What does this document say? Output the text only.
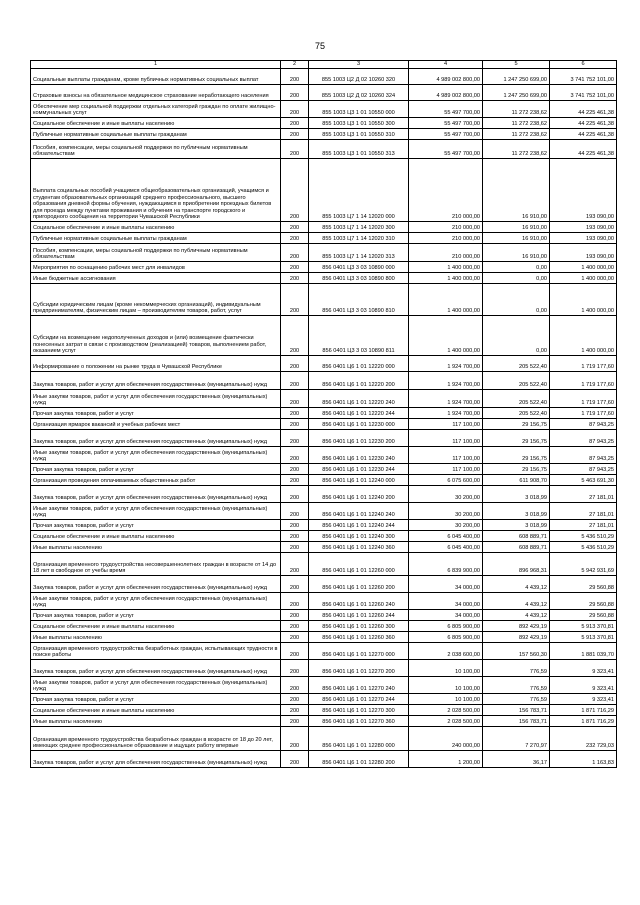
75
1	2	3	4	5	6
Социальные выплаты гражданам, кроме публичных нормативных социальных выплат	200	855 1003 Ц2 Д 02 10260 320	4 989 002 800,00	1 247 250 699,00	3 741 752 101,00
Страховые взносы на обязательное медицинское страхование неработающего населения	200	855 1003 Ц2 Д 02 10260 324	4 989 002 800,00	1 247 250 699,00	3 741 752 101,00
Обеспечение мер социальной поддержки отдельных категорий граждан по оплате жилищно-коммунальных услуг	200	855 1003 Ц3 1 01 10550 000	55 497 700,00	11 272 238,62	44 225 461,38
Социальное обеспечение и иные выплаты населению	200	855 1003 Ц3 1 01 10550 300	55 497 700,00	11 272 238,62	44 225 461,38
Публичные нормативные социальные выплаты гражданам	200	855 1003 Ц3 1 01 10550 310	55 497 700,00	11 272 238,62	44 225 461,38
Пособия, компенсации, меры социальной поддержки по публичным нормативным обязательствам	200	855 1003 Ц3 1 01 10550 313	55 497 700,00	11 272 238,62	44 225 461,38
Выплата социальных пособий учащимся общеобразовательных организаций, учащимся и студентам образовательных организаций среднего профессионального, высшего образования дневной формы обучения, нуждающимся в приобретении проездных билетов для проезда между пунктами проживания и обучения на транспорте городского и пригородного сообщения на территории Чувашской Республики	200	855 1003 Ц7 1 14 12020 000	210 000,00	16 910,00	193 090,00
Социальное обеспечение и иные выплаты населению	200	855 1003 Ц7 1 14 12020 300	210 000,00	16 910,00	193 090,00
Публичные нормативные социальные выплаты гражданам	200	855 1003 Ц7 1 14 12020 310	210 000,00	16 910,00	193 090,00
Пособия, компенсации, меры социальной поддержки по публичным нормативным обязательствам	200	855 1003 Ц7 1 14 12020 313	210 000,00	16 910,00	193 090,00
Мероприятия по оснащению рабочих мест для инвалидов	200	856 0401 Ц3 3 03 10890 000	1 400 000,00	0,00	1 400 000,00
Иные бюджетные ассигнования	200	856 0401 Ц3 3 03 10890 800	1 400 000,00	0,00	1 400 000,00
Субсидии юридическим лицам (кроме некоммерческих организаций), индивидуальным предпринимателям, физическим лицам – производителям товаров, работ, услуг	200	856 0401 Ц3 3 03 10890 810	1 400 000,00	0,00	1 400 000,00
Субсидии на возмещение недополученных доходов и (или) возмещение фактически понесенных затрат в связи с производством (реализацией) товаров, выполнением работ, оказанием услуг	200	856 0401 Ц3 3 03 10890 811	1 400 000,00	0,00	1 400 000,00
Информирование о положении на рынке труда в Чувашской Республике	200	856 0401 Ц6 1 01 12220 000	1 924 700,00	205 522,40	1 719 177,60
Закупка товаров, работ и услуг для обеспечения государственных (муниципальных) нужд	200	856 0401 Ц6 1 01 12220 200	1 924 700,00	205 522,40	1 719 177,60
Иные закупки товаров, работ и услуг для обеспечения государственных (муниципальных) нужд	200	856 0401 Ц6 1 01 12220 240	1 924 700,00	205 522,40	1 719 177,60
Прочая закупка товаров, работ и услуг	200	856 0401 Ц6 1 01 12220 244	1 924 700,00	205 522,40	1 719 177,60
Организация ярмарок вакансий и учебных рабочих мест	200	856 0401 Ц6 1 01 12230 000	117 100,00	29 156,75	87 943,25
Закупка товаров, работ и услуг для обеспечения государственных (муниципальных) нужд	200	856 0401 Ц6 1 01 12230 200	117 100,00	29 156,75	87 943,25
Иные закупки товаров, работ и услуг для обеспечения государственных (муниципальных) нужд	200	856 0401 Ц6 1 01 12230 240	117 100,00	29 156,75	87 943,25
Прочая закупка товаров, работ и услуг	200	856 0401 Ц6 1 01 12230 244	117 100,00	29 156,75	87 943,25
Организация проведения оплачиваемых общественных работ	200	856 0401 Ц6 1 01 12240 000	6 075 600,00	611 908,70	5 463 691,30
Закупка товаров, работ и услуг для обеспечения государственных (муниципальных) нужд	200	856 0401 Ц6 1 01 12240 200	30 200,00	3 018,99	27 181,01
Иные закупки товаров, работ и услуг для обеспечения государственных (муниципальных) нужд	200	856 0401 Ц6 1 01 12240 240	30 200,00	3 018,99	27 181,01
Прочая закупка товаров, работ и услуг	200	856 0401 Ц6 1 01 12240 244	30 200,00	3 018,99	27 181,01
Социальное обеспечение и иные выплаты населению	200	856 0401 Ц6 1 01 12240 300	6 045 400,00	608 889,71	5 436 510,29
Иные выплаты населению	200	856 0401 Ц6 1 01 12240 360	6 045 400,00	608 889,71	5 436 510,29
Организация временного трудоустройства несовершеннолетних граждан в возрасте от 14 до 18 лет в свободное от учебы время	200	856 0401 Ц6 1 01 12260 000	6 839 900,00	896 968,31	5 942 931,69
Закупка товаров, работ и услуг для обеспечения государственных (муниципальных) нужд	200	856 0401 Ц6 1 01 12260 200	34 000,00	4 439,12	29 560,88
Иные закупки товаров, работ и услуг для обеспечения государственных (муниципальных) нужд	200	856 0401 Ц6 1 01 12260 240	34 000,00	4 439,12	29 560,88
Прочая закупка товаров, работ и услуг	200	856 0401 Ц6 1 01 12260 244	34 000,00	4 439,12	29 560,88
Социальное обеспечение и иные выплаты населению	200	856 0401 Ц6 1 01 12260 300	6 805 900,00	892 429,19	5 913 370,81
Иные выплаты населению	200	856 0401 Ц6 1 01 12260 360	6 805 900,00	892 429,19	5 913 370,81
Организация временного трудоустройства безработных граждан, испытывающих трудности в поиске работы	200	856 0401 Ц6 1 01 12270 000	2 038 600,00	157 560,30	1 881 039,70
Закупка товаров, работ и услуг для обеспечения государственных (муниципальных) нужд	200	856 0401 Ц6 1 01 12270 200	10 100,00	776,59	9 323,41
Иные закупки товаров, работ и услуг для обеспечения государственных (муниципальных) нужд	200	856 0401 Ц6 1 01 12270 240	10 100,00	776,59	9 323,41
Прочая закупка товаров, работ и услуг	200	856 0401 Ц6 1 01 12270 244	10 100,00	776,59	9 323,41
Социальное обеспечение и иные выплаты населению	200	856 0401 Ц6 1 01 12270 300	2 028 500,00	156 783,71	1 871 716,29
Иные выплаты населению	200	856 0401 Ц6 1 01 12270 360	2 028 500,00	156 783,71	1 871 716,29
Организация временного трудоустройства безработных граждан в возрасте от 18 до 20 лет, имеющих среднее профессиональное образование и ищущих работу впервые	200	856 0401 Ц6 1 01 12280 000	240 000,00	7 270,97	232 729,03
Закупка товаров, работ и услуг для обеспечения государственных (муниципальных) нужд	200	856 0401 Ц6 1 01 12280 200	1 200,00	36,17	1 163,83
